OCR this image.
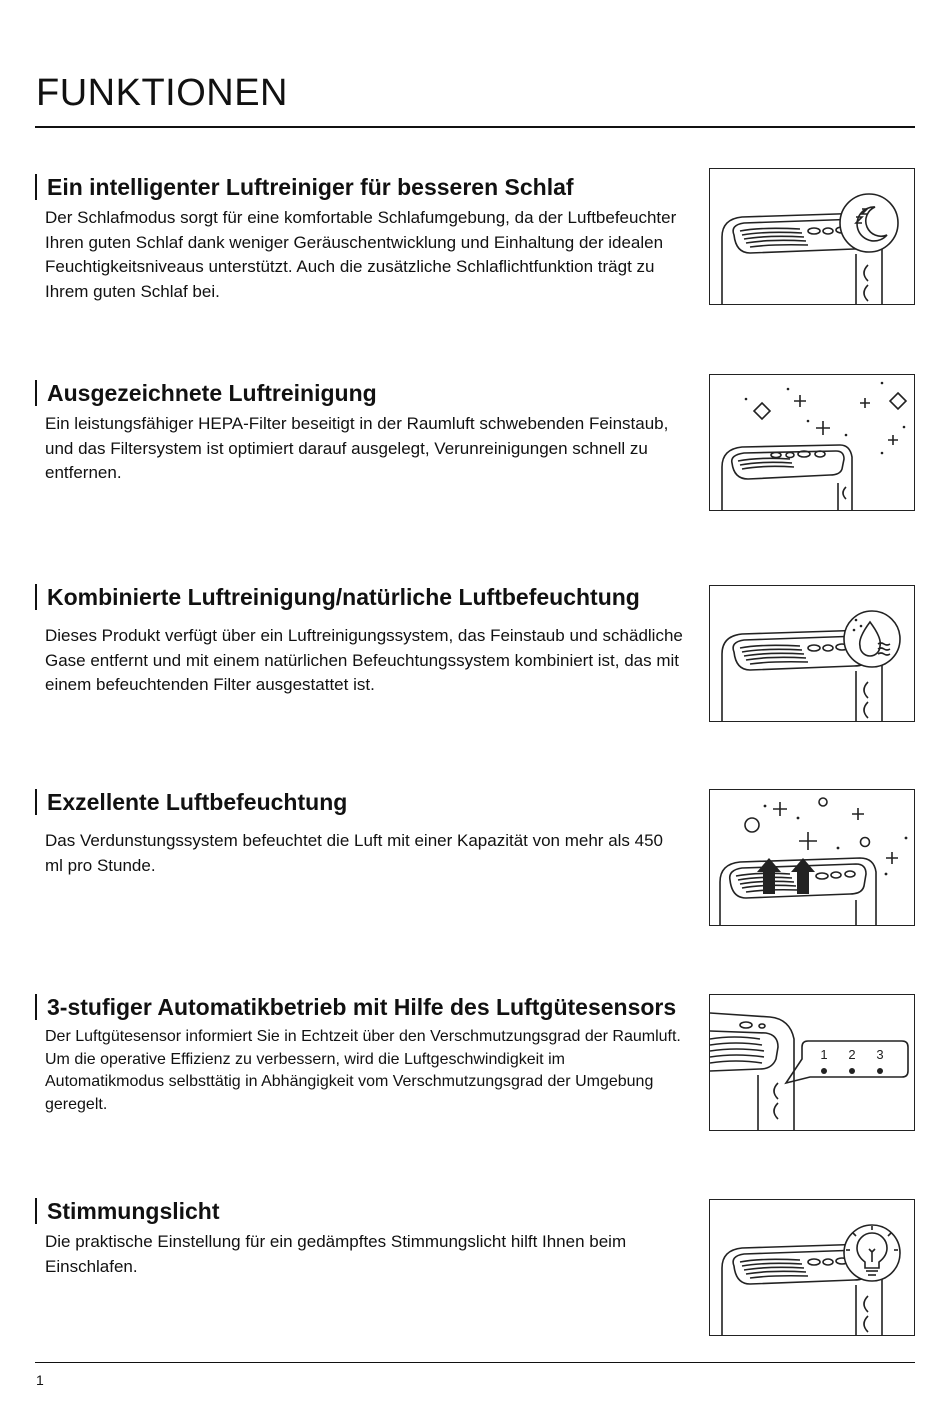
FUNKTIONEN
Ein intelligenter Luftreiniger für besseren Schlaf

Der Schlafmodus sorgt für eine komfortable Schlafumgebung, da der Luftbefeuchter Ihren guten Schlaf dank weniger Geräuschentwicklung und Einhaltung der idealen Feuchtigkeitsniveaus unterstützt. Auch die zusätzliche Schlaflichtfunktion trägt zu Ihrem guten Schlaf bei.

Ausgezeichnete Luftreinigung

Ein leistungsfähiger HEPA-Filter beseitigt in der Raumluft schwebenden Feinstaub, und das Filtersystem ist optimiert darauf ausgelegt, Verunreinigungen schnell zu entfernen.

Kombinierte Luftreinigung/natürliche Luftbefeuchtung

Dieses Produkt verfügt über ein Luftreinigungssystem, das Feinstaub und schädliche Gase entfernt und mit einem natürlichen Befeuchtungssystem kombiniert ist, das mit einem befeuchtenden Filter ausgestattet ist.

Exzellente Luftbefeuchtung

Das Verdunstungssystem befeuchtet die Luft mit einer Kapazität von mehr als 450 ml pro Stunde.

3-stufiger Automatikbetrieb mit Hilfe des Luftgütesensors

Der Luftgütesensor informiert Sie in Echtzeit über den Verschmutzungsgrad der Raumluft. Um die operative Effizienz zu verbessern, wird die Luftgeschwindigkeit im Automatikmodus selbsttätig in Abhängigkeit vom Verschmutzungsgrad der Umgebung geregelt.

1 2 3
Stimmungslicht

Die praktische Einstellung für ein gedämpftes Stimmungslicht hilft Ihnen beim Einschlafen.

1
